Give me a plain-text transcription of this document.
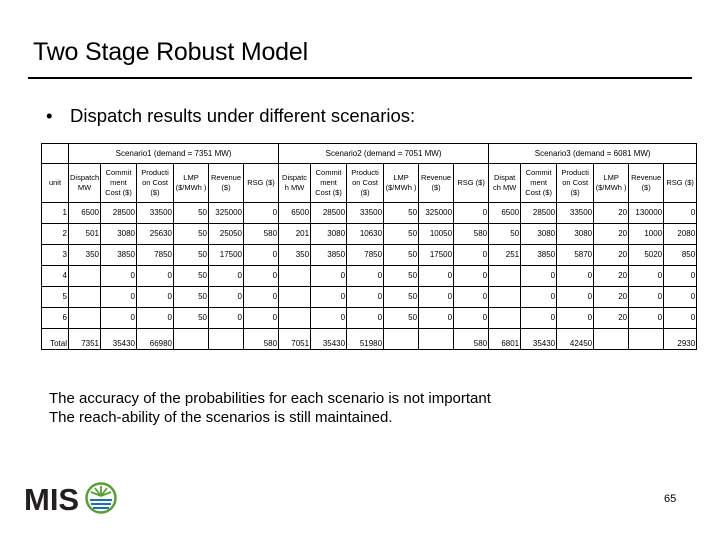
Two Stage Robust Model
• Dispatch results under different scenarios:
	Scenario1 (demand = 7351 MW)						Scenario2 (demand = 7051 MW)						Scenario3 (demand = 6081 MW)					
unit	Dispatch MW	Commit ment Cost ($)	Producti on Cost ($)	LMP ($/MWh )	Revenue ($)	RSG ($)	Dispatc h MW	Commit ment Cost ($)	Producti on Cost ($)	LMP ($/MWh )	Revenue ($)	RSG ($)	Dispat ch MW	Commit ment Cost ($)	Producti on Cost ($)	LMP ($/MWh )	Revenue ($)	RSG ($)
1	6500	28500	33500	50	325000	0	6500	28500	33500	50	325000	0	6500	28500	33500	20	130000	0
2	501	3080	25630	50	25050	580	201	3080	10630	50	10050	580	50	3080	3080	20	1000	2080
3	350	3850	7850	50	17500	0	350	3850	7850	50	17500	0	251	3850	5870	20	5020	850
4		0	0	50	0	0		0	0	50	0	0		0	0	20	0	0
5		0	0	50	0	0		0	0	50	0	0		0	0	20	0	0
6		0	0	50	0	0		0	0	50	0	0		0	0	20	0	0
Total	7351	35430	66980			580	7051	35430	51980			580	6801	35430	42450			2930
The accuracy of the probabilities for each scenario is not important
The reach-ability of the scenarios is still maintained.
MIS	65
